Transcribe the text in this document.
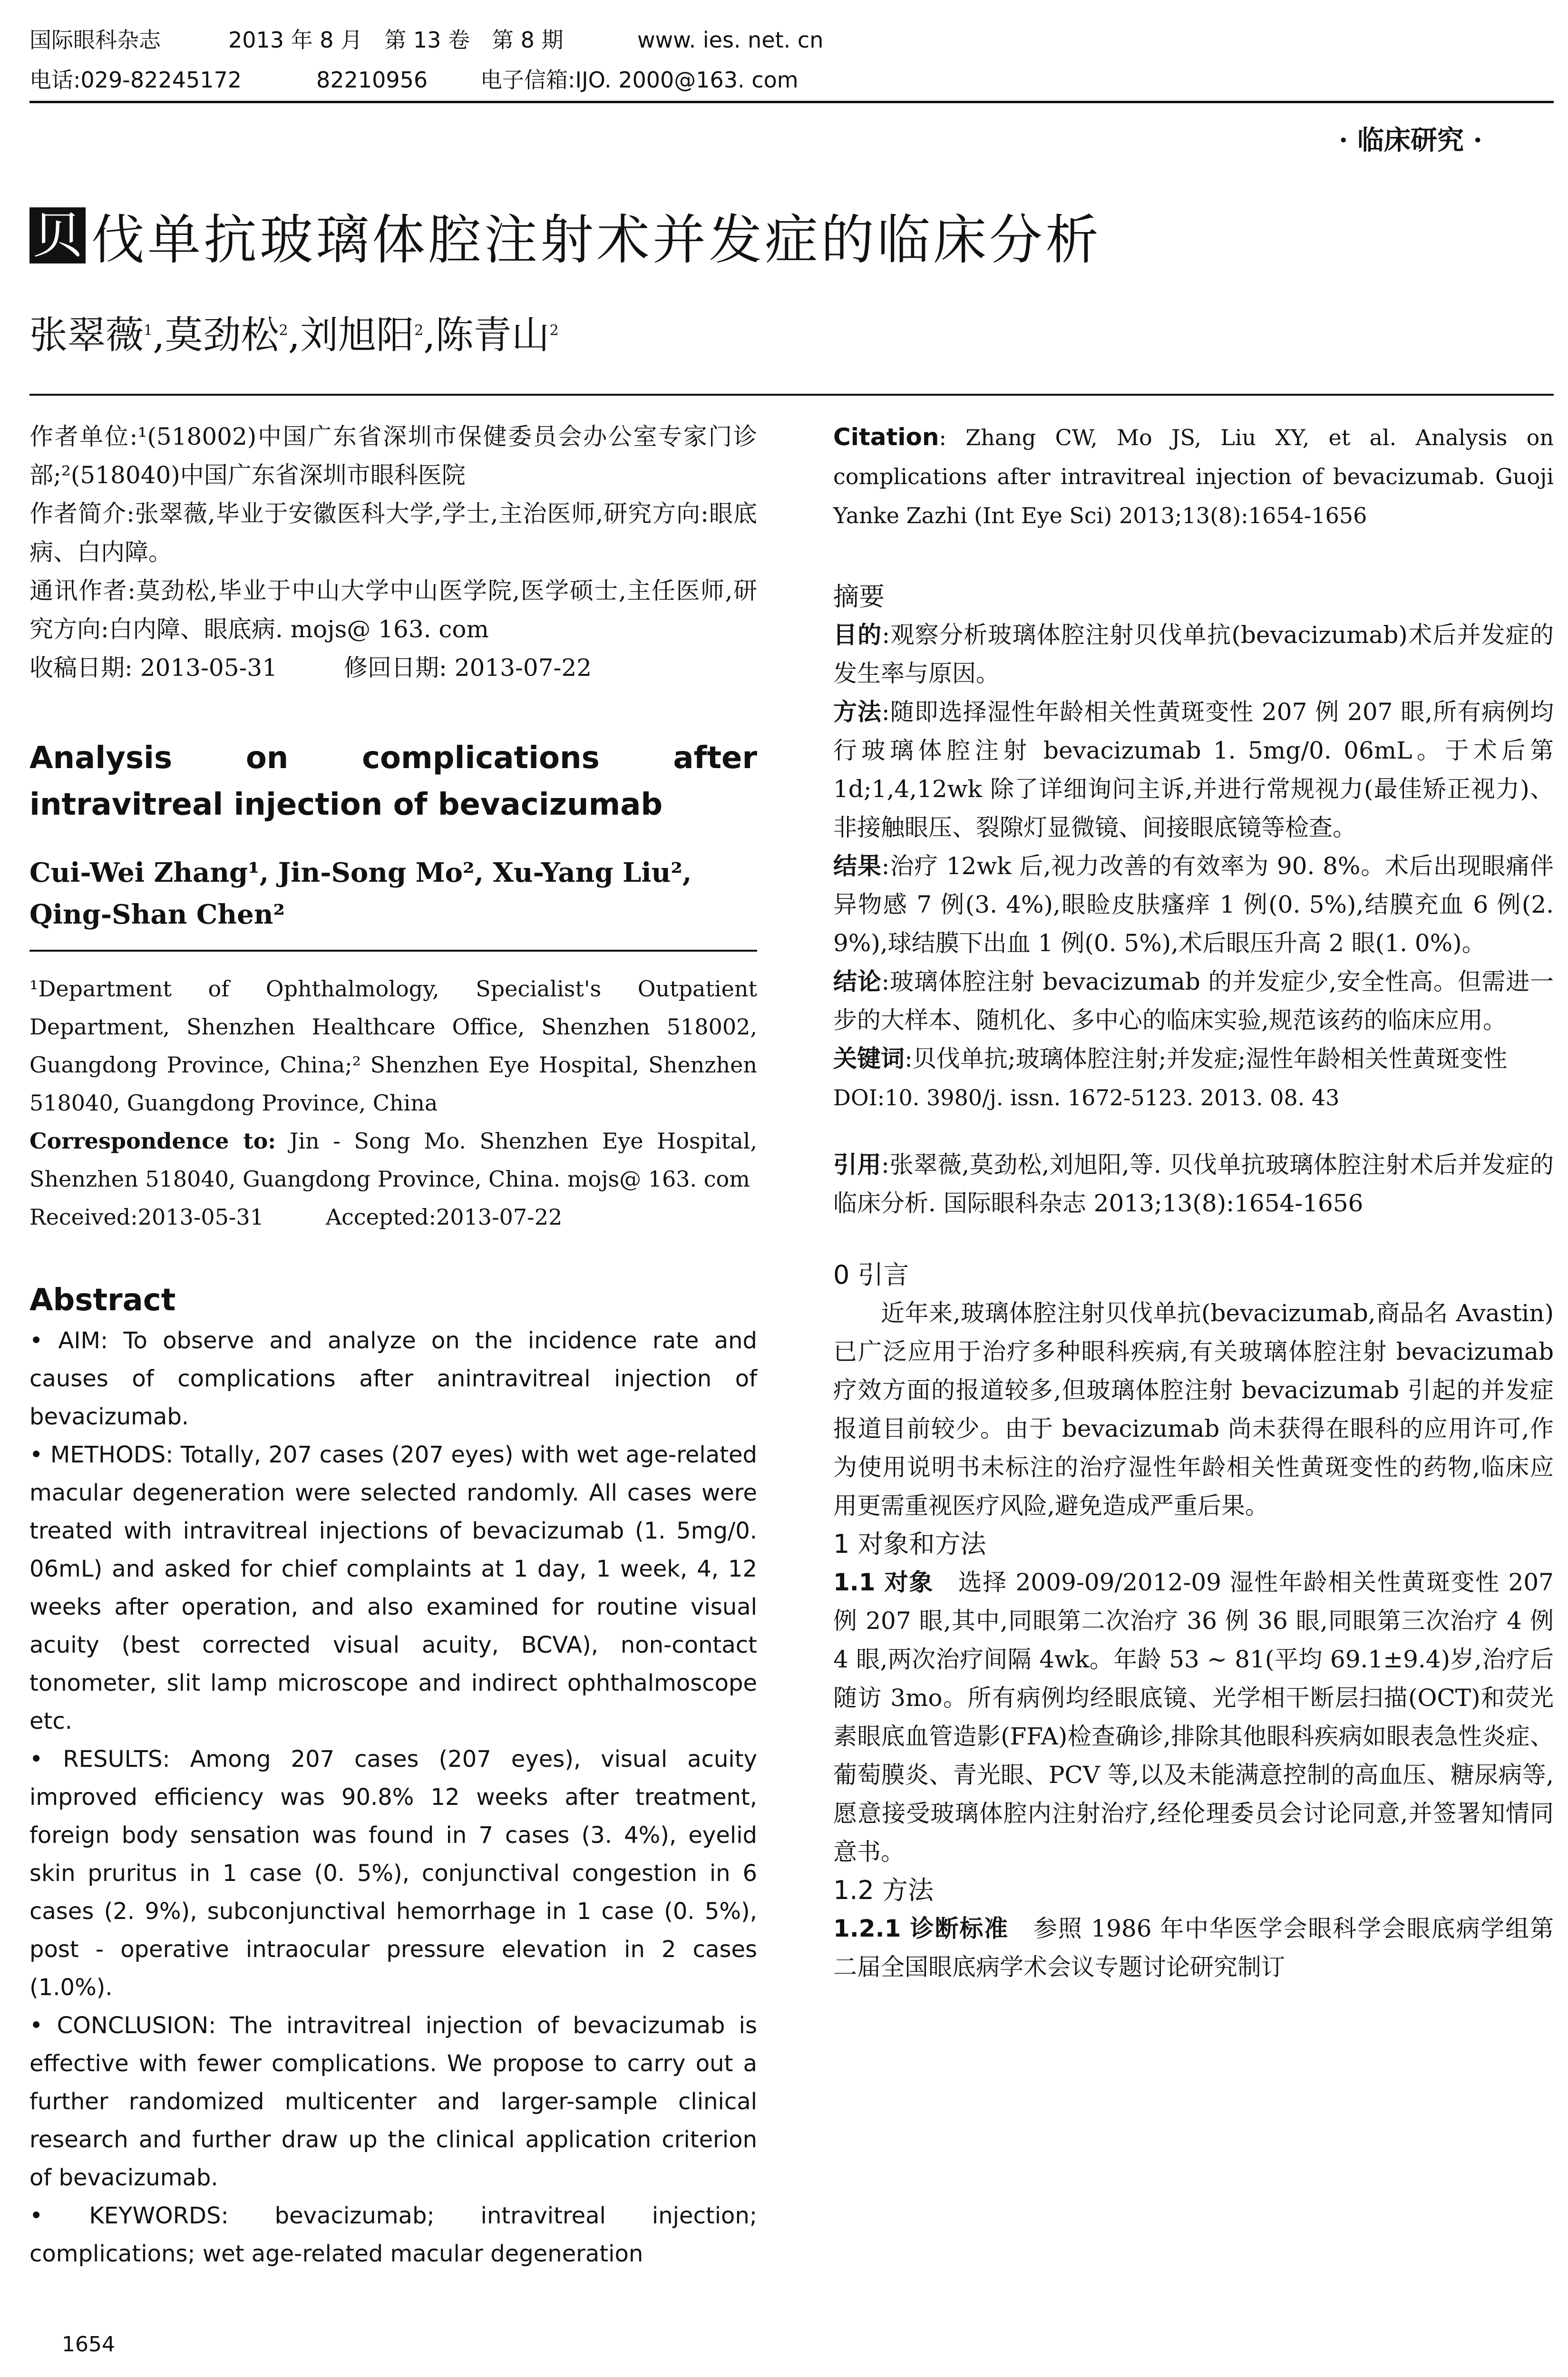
国际眼科杂志	2013 年 8 月　第 13 卷　第 8 期	www. ies. net. cn
电话:029-82245172	82210956 电子信箱:IJO. 2000@163. com
· 临床研究 ·
贝 伐单抗玻璃体腔注射术并发症的临床分析
张翠薇$^1$,莫劲松$^2$,刘旭阳$^2$,陈青山$^2$

作者单位:¹(518002)中国广东省深圳市保健委员会办公室专家门诊部;²(518040)中国广东省深圳市眼科医院

作者简介:张翠薇,毕业于安徽医科大学,学士,主治医师,研究方向:眼底病、白内障。

通讯作者:莫劲松,毕业于中山大学中山医学院,医学硕士,主任医师,研究方向:白内障、眼底病. mojs@ 163. com

收稿日期: 2013-05-31	修回日期: 2013-07-22

Analysis on complications after intravitreal injection of bevacizumab

Cui-Wei Zhang¹, Jin-Song Mo², Xu-Yang Liu², Qing-Shan Chen²

¹Department of Ophthalmology, Specialist's Outpatient Department, Shenzhen Healthcare Office, Shenzhen 518002, Guangdong Province, China;² Shenzhen Eye Hospital, Shenzhen 518040, Guangdong Province, China

Correspondence to: Jin - Song Mo. Shenzhen Eye Hospital, Shenzhen 518040, Guangdong Province, China. mojs@ 163. com

Received:2013-05-31	Accepted:2013-07-22

Abstract

• AIM: To observe and analyze on the incidence rate and causes of complications after anintravitreal injection of bevacizumab.

• METHODS: Totally, 207 cases (207 eyes) with wet age-related macular degeneration were selected randomly. All cases were treated with intravitreal injections of bevacizumab (1. 5mg/0. 06mL) and asked for chief complaints at 1 day, 1 week, 4, 12 weeks after operation, and also examined for routine visual acuity (best corrected visual acuity, BCVA), non-contact tonometer, slit lamp microscope and indirect ophthalmoscope etc.

• RESULTS: Among 207 cases (207 eyes), visual acuity improved efficiency was 90.8% 12 weeks after treatment, foreign body sensation was found in 7 cases (3. 4%), eyelid skin pruritus in 1 case (0. 5%), conjunctival congestion in 6 cases (2. 9%), subconjunctival hemorrhage in 1 case (0. 5%), post - operative intraocular pressure elevation in 2 cases (1.0%).

• CONCLUSION: The intravitreal injection of bevacizumab is effective with fewer complications. We propose to carry out a further randomized multicenter and larger-sample clinical research and further draw up the clinical application criterion of bevacizumab.

• KEYWORDS: bevacizumab; intravitreal injection; complications; wet age-related macular degeneration

Citation: Zhang CW, Mo JS, Liu XY, et al. Analysis on complications after intravitreal injection of bevacizumab. Guoji Yanke Zazhi (Int Eye Sci) 2013;13(8):1654-1656

摘要

目的:观察分析玻璃体腔注射贝伐单抗(bevacizumab)术后并发症的发生率与原因。

方法:随即选择湿性年龄相关性黄斑变性 207 例 207 眼,所有病例均行玻璃体腔注射 bevacizumab 1. 5mg/0. 06mL。于术后第 1d;1,4,12wk 除了详细询问主诉,并进行常规视力(最佳矫正视力)、非接触眼压、裂隙灯显微镜、间接眼底镜等检查。

结果:治疗 12wk 后,视力改善的有效率为 90. 8%。术后出现眼痛伴异物感 7 例(3. 4%),眼睑皮肤瘙痒 1 例(0. 5%),结膜充血 6 例(2. 9%),球结膜下出血 1 例(0. 5%),术后眼压升高 2 眼(1. 0%)。

结论:玻璃体腔注射 bevacizumab 的并发症少,安全性高。但需进一步的大样本、随机化、多中心的临床实验,规范该药的临床应用。

关键词:贝伐单抗;玻璃体腔注射;并发症;湿性年龄相关性黄斑变性

DOI:10. 3980/j. issn. 1672-5123. 2013. 08. 43

引用:张翠薇,莫劲松,刘旭阳,等. 贝伐单抗玻璃体腔注射术后并发症的临床分析. 国际眼科杂志 2013;13(8):1654-1656

0 引言

近年来,玻璃体腔注射贝伐单抗(bevacizumab,商品名 Avastin)已广泛应用于治疗多种眼科疾病,有关玻璃体腔注射 bevacizumab 疗效方面的报道较多,但玻璃体腔注射 bevacizumab 引起的并发症报道目前较少。由于 bevacizumab 尚未获得在眼科的应用许可,作为使用说明书未标注的治疗湿性年龄相关性黄斑变性的药物,临床应用更需重视医疗风险,避免造成严重后果。

1 对象和方法

1.1 对象　选择 2009-09/2012-09 湿性年龄相关性黄斑变性 207 例 207 眼,其中,同眼第二次治疗 36 例 36 眼,同眼第三次治疗 4 例 4 眼,两次治疗间隔 4wk。年龄 53 ~ 81(平均 69.1±9.4)岁,治疗后随访 3mo。所有病例均经眼底镜、光学相干断层扫描(OCT)和荧光素眼底血管造影(FFA)检查确诊,排除其他眼科疾病如眼表急性炎症、葡萄膜炎、青光眼、PCV 等,以及未能满意控制的高血压、糖尿病等,愿意接受玻璃体腔内注射治疗,经伦理委员会讨论同意,并签署知情同意书。

1.2 方法

1.2.1 诊断标准　参照 1986 年中华医学会眼科学会眼底病学组第二届全国眼底病学术会议专题讨论研究制订

1654
